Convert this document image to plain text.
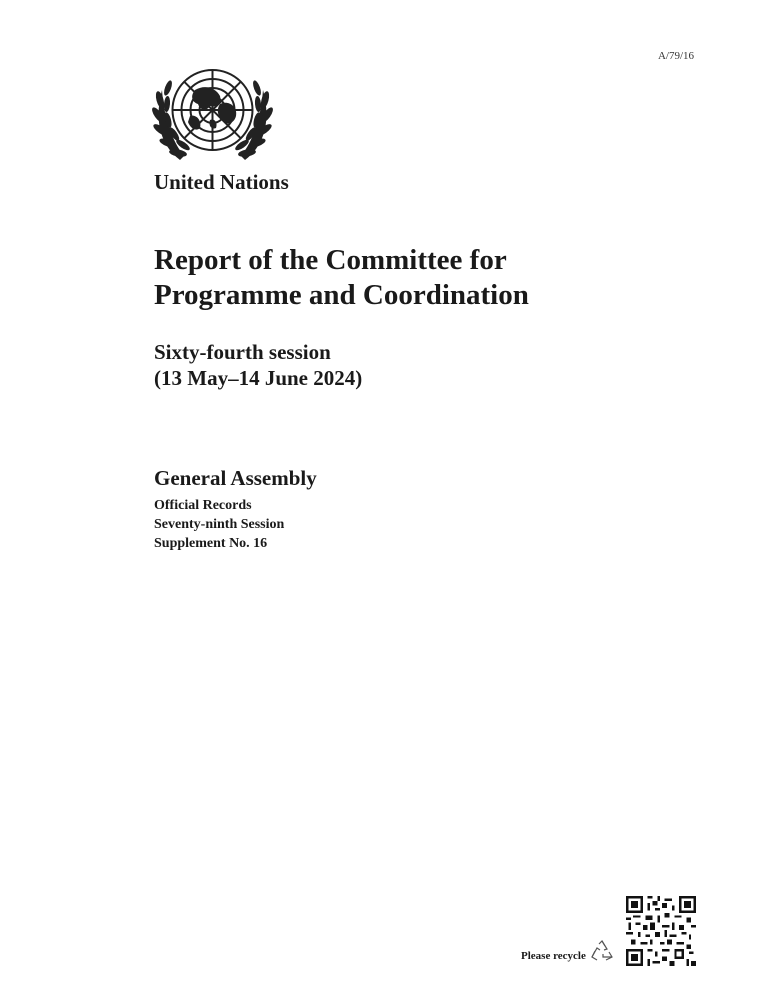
A/79/16
United Nations
Report of the Committee for
Programme and Coordination
Sixty-fourth session
(13 May–14 June 2024)
General Assembly
Official Records
Seventy-ninth Session
Supplement No. 16
Please recycle
